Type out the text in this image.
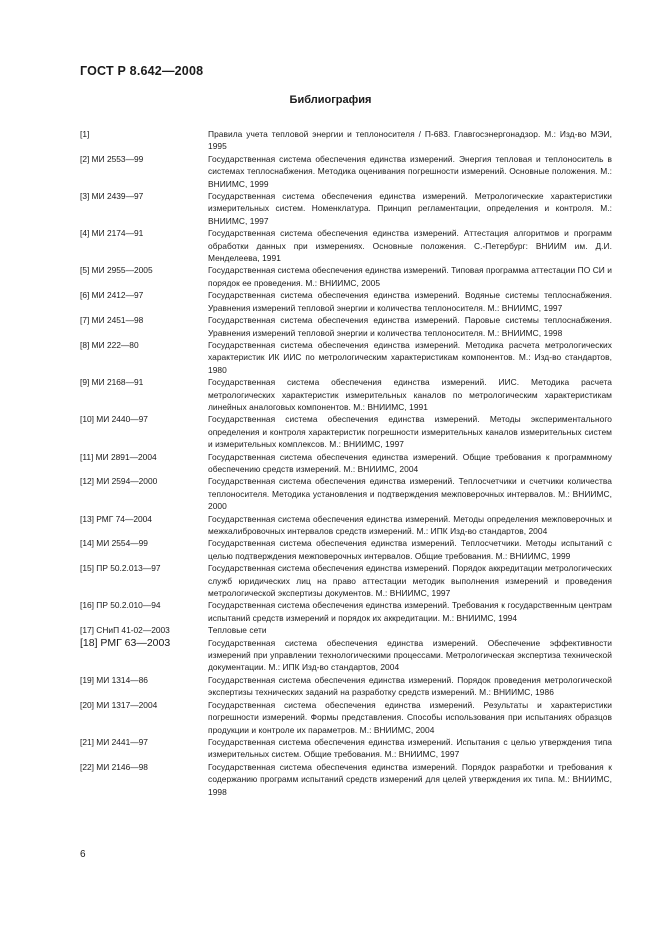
ГОСТ Р 8.642—2008
Библиография
[1]	Правила учета тепловой энергии и теплоносителя / П-683. Главгосэнергонадзор. М.: Изд-во МЭИ, 1995
[2] МИ 2553—99	Государственная система обеспечения единства измерений. Энергия тепловая и теплоноситель в системах теплоснабжения. Методика оценивания погрешности измерений. Основные положения. М.: ВНИИМС, 1999
[3] МИ 2439—97	Государственная система обеспечения единства измерений. Метрологические характеристики измерительных систем. Номенклатура. Принцип регламентации, определения и контроля. М.: ВНИИМС, 1997
[4] МИ 2174—91	Государственная система обеспечения единства измерений. Аттестация алгоритмов и программ обработки данных при измерениях. Основные положения. С.-Петербург: ВНИИМ им. Д.И. Менделеева, 1991
[5] МИ 2955—2005	Государственная система обеспечения единства измерений. Типовая программа аттестации ПО СИ и порядок ее проведения. М.: ВНИИМС, 2005
[6] МИ 2412—97	Государственная система обеспечения единства измерений. Водяные системы теплоснабжения. Уравнения измерений тепловой энергии и количества теплоносителя. М.: ВНИИМС, 1997
[7] МИ 2451—98	Государственная система обеспечения единства измерений. Паровые системы теплоснабжения. Уравнения измерений тепловой энергии и количества теплоносителя. М.: ВНИИМС, 1998
[8] МИ 222—80	Государственная система обеспечения единства измерений. Методика расчета метрологических характеристик ИК ИИС по метрологическим характеристикам компонентов. М.: Изд-во стандартов, 1980
[9] МИ 2168—91	Государственная система обеспечения единства измерений. ИИС. Методика расчета метрологических характеристик измерительных каналов по метрологическим характеристикам линейных аналоговых компонентов. М.: ВНИИМС, 1991
[10] МИ 2440—97	Государственная система обеспечения единства измерений. Методы экспериментального определения и контроля характеристик погрешности измерительных каналов измерительных систем и измерительных комплексов. М.: ВНИИМС, 1997
[11] МИ 2891—2004	Государственная система обеспечения единства измерений. Общие требования к программному обеспечению средств измерений. М.: ВНИИМС, 2004
[12] МИ 2594—2000	Государственная система обеспечения единства измерений. Теплосчетчики и счетчики количества теплоносителя. Методика установления и подтверждения межповерочных интервалов. М.: ВНИИМС, 2000
[13] РМГ 74—2004	Государственная система обеспечения единства измерений. Методы определения межповерочных и межкалибровочных интервалов средств измерений. М.: ИПК Изд-во стандартов, 2004
[14] МИ 2554—99	Государственная система обеспечения единства измерений. Теплосчетчики. Методы испытаний с целью подтверждения межповерочных интервалов. Общие требования. М.: ВНИИМС, 1999
[15] ПР 50.2.013—97	Государственная система обеспечения единства измерений. Порядок аккредитации метрологических служб юридических лиц на право аттестации методик выполнения измерений и проведения метрологической экспертизы документов. М.: ВНИИМС, 1997
[16] ПР 50.2.010—94	Государственная система обеспечения единства измерений. Требования к государственным центрам испытаний средств измерений и порядок их аккредитации. М.: ВНИИМС, 1994
[17] СНиП 41-02—2003	Тепловые сети
[18] РМГ 63—2003	Государственная система обеспечения единства измерений. Обеспечение эффективности измерений при управлении технологическими процессами. Метрологическая экспертиза технической документации. М.: ИПК Изд-во стандартов, 2004
[19] МИ 1314—86	Государственная система обеспечения единства измерений. Порядок проведения метрологической экспертизы технических заданий на разработку средств измерений. М.: ВНИИМС, 1986
[20] МИ 1317—2004	Государственная система обеспечения единства измерений. Результаты и характеристики погрешности измерений. Формы представления. Способы использования при испытаниях образцов продукции и контроле их параметров. М.: ВНИИМС, 2004
[21] МИ 2441—97	Государственная система обеспечения единства измерений. Испытания с целью утверждения типа измерительных систем. Общие требования. М.: ВНИИМС, 1997
[22] МИ 2146—98	Государственная система обеспечения единства измерений. Порядок разработки и требования к содержанию программ испытаний средств измерений для целей утверждения их типа. М.: ВНИИМС, 1998
6
